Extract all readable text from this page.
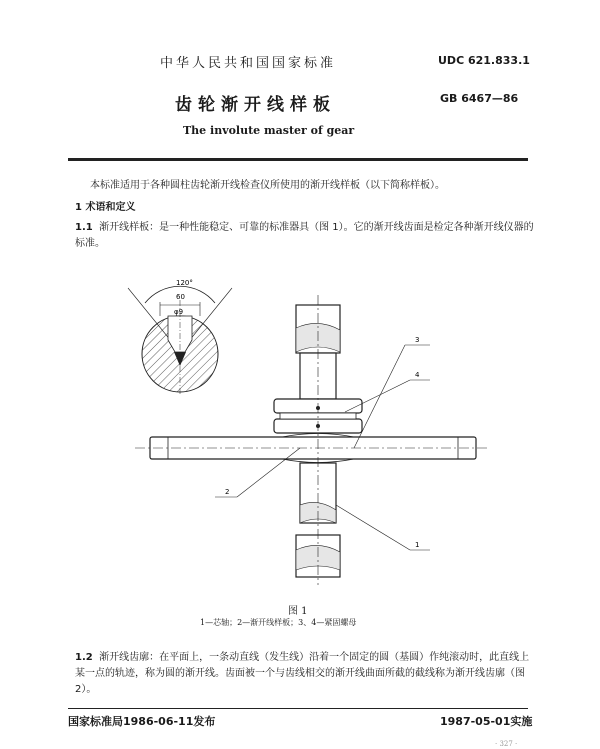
中华人民共和国国家标准	UDC 621.833.1
齿轮渐开线样板	GB 6467—86
The involute master of gear
本标准适用于各种圆柱齿轮渐开线检查仪所使用的渐开线样板（以下简称样板）。
1 术语和定义
1.1 渐开线样板：是一种性能稳定、可靠的标准器具（图 1）。它的渐开线齿面是检定各种渐开线仪器的标准。
120°
60
φ9
3
4
2
1
图 1
1—芯轴；2—渐开线样板；3、4—紧固螺母
1.2 渐开线齿廓：在平面上，一条动直线（发生线）沿着一个固定的圆（基圆）作纯滚动时，此直线上某一点的轨迹，称为圆的渐开线。齿面被一个与齿线相交的渐开线曲面所截的截线称为渐开线齿廓（图 2）。
国家标准局1986-06-11发布	1987-05-01实施
· 327 ·
